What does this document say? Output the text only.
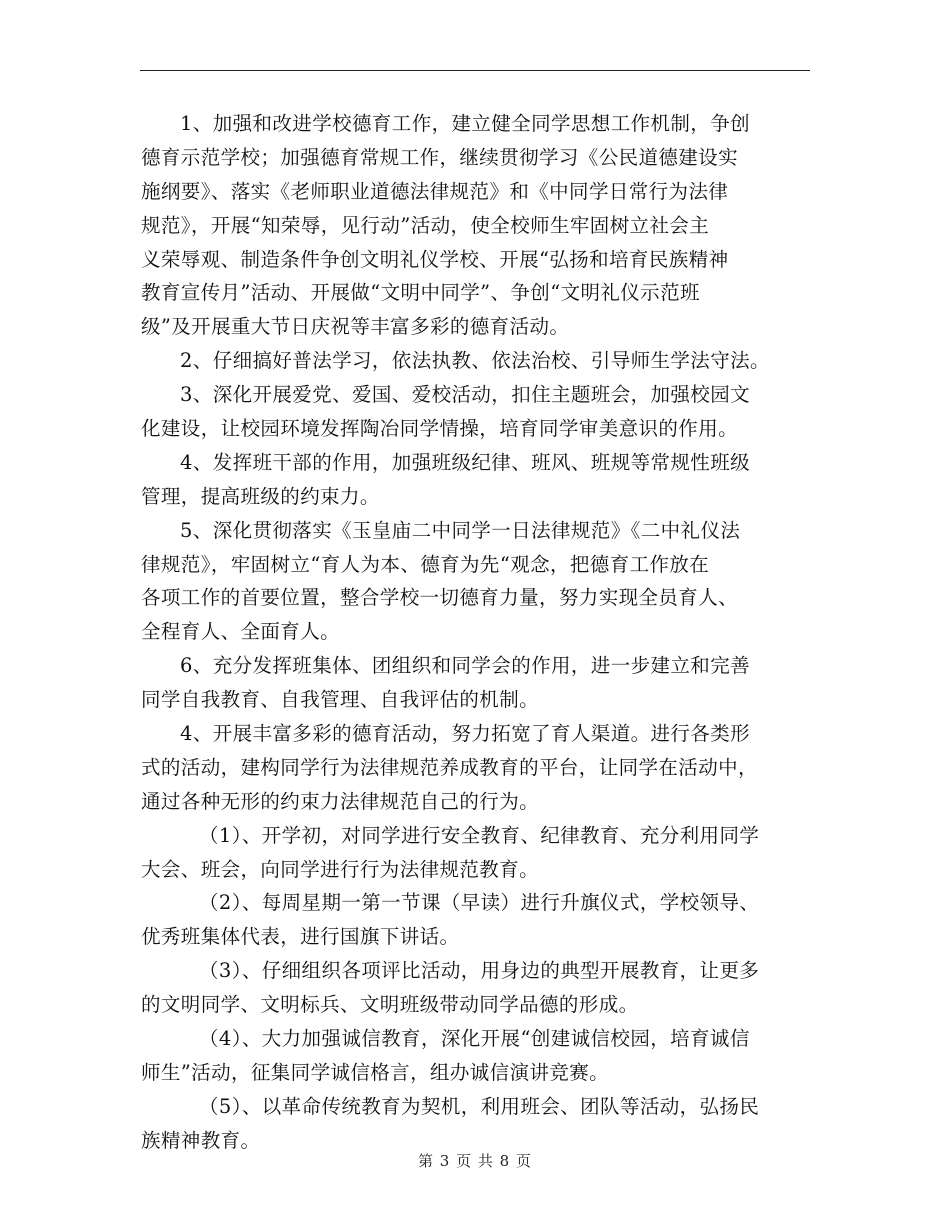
1、加强和改进学校德育工作，建立健全同学思想工作机制，争创
德育示范学校；加强德育常规工作，继续贯彻学习《公民道德建设实
施纲要》、落实《老师职业道德法律规范》和《中同学日常行为法律
规范》，开展“知荣辱，见行动”活动，使全校师生牢固树立社会主
义荣辱观、制造条件争创文明礼仪学校、开展“弘扬和培育民族精神
教育宣传月”活动、开展做“文明中同学”、争创“文明礼仪示范班
级”及开展重大节日庆祝等丰富多彩的德育活动。
2、仔细搞好普法学习，依法执教、依法治校、引导师生学法守法。
3、深化开展爱党、爱国、爱校活动，扣住主题班会，加强校园文
化建设，让校园环境发挥陶冶同学情操，培育同学审美意识的作用。
4、发挥班干部的作用，加强班级纪律、班风、班规等常规性班级
管理，提高班级的约束力。
5、深化贯彻落实《玉皇庙二中同学一日法律规范》《二中礼仪法
律规范》，牢固树立“育人为本、德育为先“观念，把德育工作放在
各项工作的首要位置，整合学校一切德育力量，努力实现全员育人、
全程育人、全面育人。
6、充分发挥班集体、团组织和同学会的作用，进一步建立和完善
同学自我教育、自我管理、自我评估的机制。
4、开展丰富多彩的德育活动，努力拓宽了育人渠道。进行各类形
式的活动，建构同学行为法律规范养成教育的平台，让同学在活动中，
通过各种无形的约束力法律规范自己的行为。
（1）、开学初，对同学进行安全教育、纪律教育、充分利用同学
大会、班会，向同学进行行为法律规范教育。
（2）、每周星期一第一节课（早读）进行升旗仪式，学校领导、
优秀班集体代表，进行国旗下讲话。
（3）、仔细组织各项评比活动，用身边的典型开展教育，让更多
的文明同学、文明标兵、文明班级带动同学品德的形成。
（4）、大力加强诚信教育，深化开展“创建诚信校园，培育诚信
师生”活动，征集同学诚信格言，组办诚信演讲竞赛。
（5）、以革命传统教育为契机，利用班会、团队等活动，弘扬民
族精神教育。
第 3 页 共 8 页
